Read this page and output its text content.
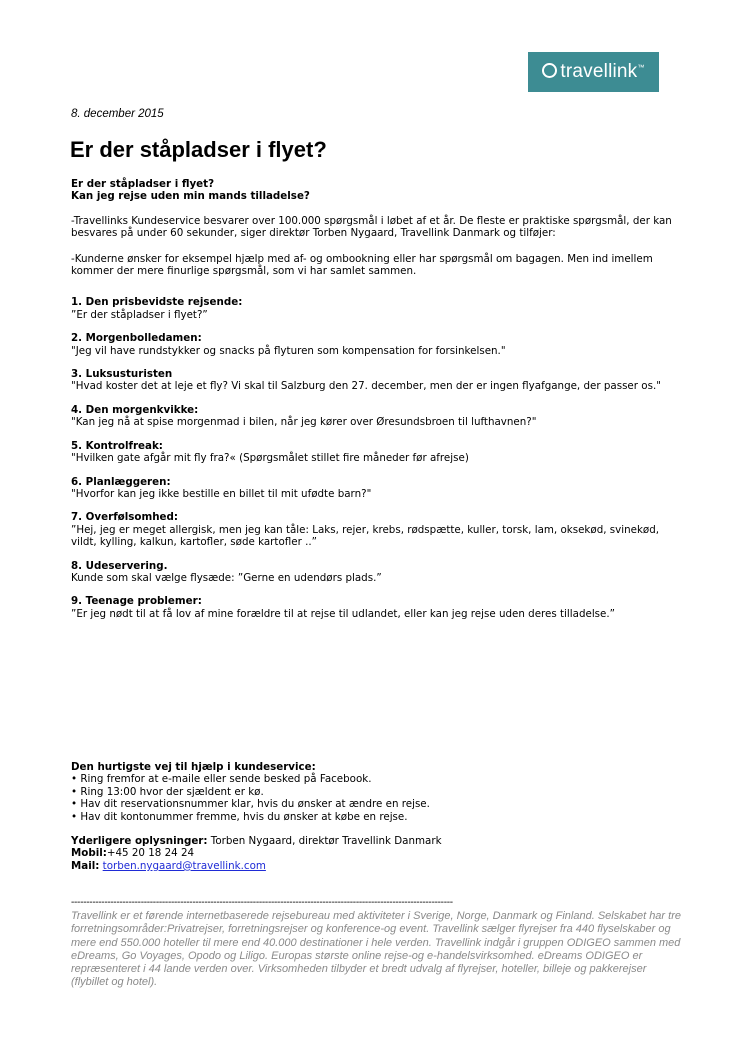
travellink™
8. december 2015
Er der ståpladser i flyet?
Er der ståpladser i flyet?
Kan jeg rejse uden min mands tilladelse?

-Travellinks Kundeservice besvarer over 100.000 spørgsmål i løbet af et år. De fleste er praktiske spørgsmål, der kan besvares på under 60 sekunder, siger direktør Torben Nygaard, Travellink Danmark og tilføjer:

-Kunderne ønsker for eksempel hjælp med af- og ombookning eller har spørgsmål om bagagen. Men ind imellem kommer der mere finurlige spørgsmål, som vi har samlet sammen.

1. Den prisbevidste rejsende:
”Er der ståpladser i flyet?”
2. Morgenbolledamen:
"Jeg vil have rundstykker og snacks på flyturen som kompensation for forsinkelsen."
3. Luksusturisten
"Hvad koster det at leje et fly? Vi skal til Salzburg den 27. december, men der er ingen flyafgange, der passer os."
4. Den morgenkvikke:
"Kan jeg nå at spise morgenmad i bilen, når jeg kører over Øresundsbroen til lufthavnen?"
5. Kontrolfreak:
"Hvilken gate afgår mit fly fra?« (Spørgsmålet stillet fire måneder før afrejse)
6. Planlæggeren:
"Hvorfor kan jeg ikke bestille en billet til mit ufødte barn?"
7. Overfølsomhed:
”Hej, jeg er meget allergisk, men jeg kan tåle: Laks, rejer, krebs, rødspætte, kuller, torsk, lam, oksekød, svinekød, vildt, kylling, kalkun, kartofler, søde kartofler ..”
8. Udeservering.
Kunde som skal vælge flysæde: ”Gerne en udendørs plads.”
9. Teenage problemer:
”Er jeg nødt til at få lov af mine forældre til at rejse til udlandet, eller kan jeg rejse uden deres tilladelse.”
Den hurtigste vej til hjælp i kundeservice:
• Ring fremfor at e-maile eller sende besked på Facebook.
• Ring 13:00 hvor der sjældent er kø.
• Hav dit reservationsnummer klar, hvis du ønsker at ændre en rejse.
• Hav dit kontonummer fremme, hvis du ønsker at købe en rejse.
Yderligere oplysninger: Torben Nygaard, direktør Travellink Danmark
Mobil:+45 20 18 24 24
Mail: torben.nygaard@travellink.com
------------------------------------------------------------------------------------------------------------------------------
Travellink er et førende internetbaserede rejsebureau med aktiviteter i Sverige, Norge, Danmark og Finland. Selskabet har tre forretningsområder:Privatrejser, forretningsrejser og konference-og event. Travellink sælger flyrejser fra 440 flyselskaber og mere end 550.000 hoteller til mere end 40.000 destinationer i hele verden. Travellink indgår i gruppen ODIGEO sammen med eDreams, Go Voyages, Opodo og Liligo. Europas største online rejse-og e-handelsvirksomhed. eDreams ODIGEO er repræsenteret i 44 lande verden over. Virksomheden tilbyder et bredt udvalg af flyrejser, hoteller, billeje og pakkerejser (flybillet og hotel).
